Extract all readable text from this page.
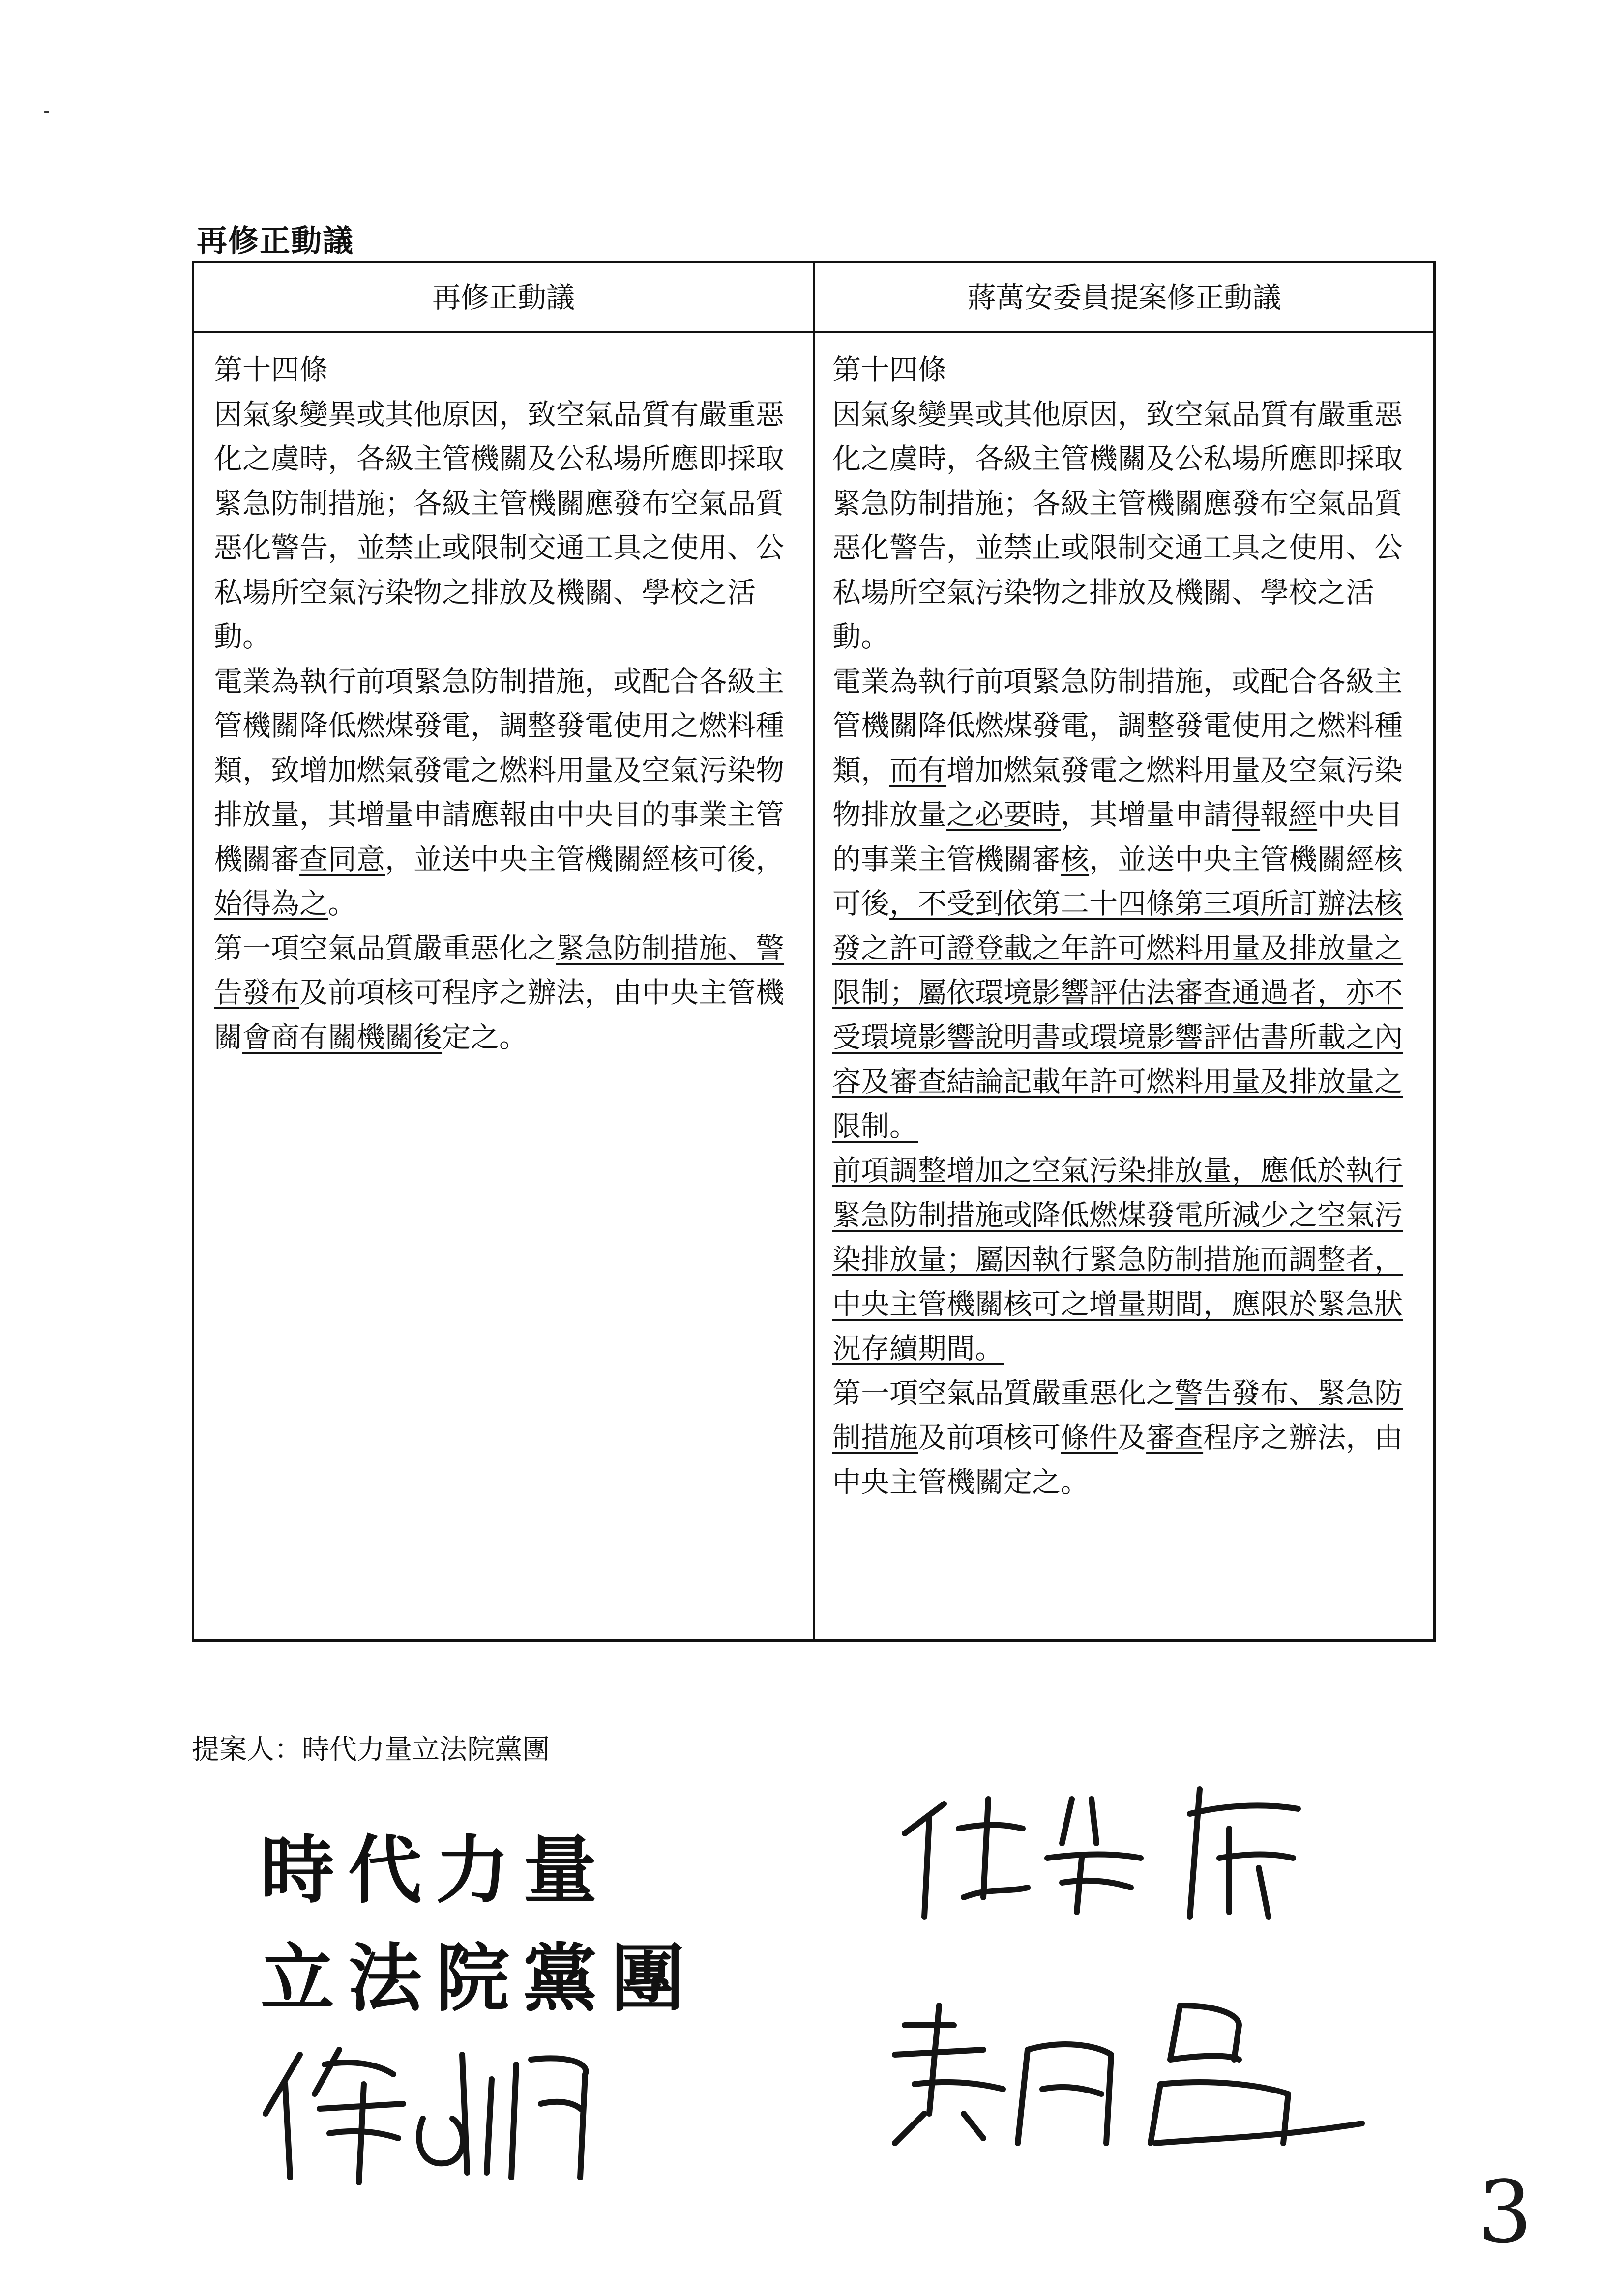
再修正動議
再修正動議	蔣萬安委員提案修正動議

第十四條

因氣象變異或其他原因，致空氣品質有嚴重惡化之虞時，各級主管機關及公私場所應即採取緊急防制措施；各級主管機關應發布空氣品質惡化警告，並禁止或限制交通工具之使用、公私場所空氣污染物之排放及機關、學校之活動。

電業為執行前項緊急防制措施，或配合各級主管機關降低燃煤發電，調整發電使用之燃料種類，致增加燃氣發電之燃料用量及空氣污染物排放量，其增量申請應報由中央目的事業主管機關審查同意，並送中央主管機關經核可後，始得為之。

第一項空氣品質嚴重惡化之緊急防制措施、警告發布及前項核可程序之辦法，由中央主管機關會商有關機關後定之。

第十四條

因氣象變異或其他原因，致空氣品質有嚴重惡化之虞時，各級主管機關及公私場所應即採取緊急防制措施；各級主管機關應發布空氣品質惡化警告，並禁止或限制交通工具之使用、公私場所空氣污染物之排放及機關、學校之活動。

電業為執行前項緊急防制措施，或配合各級主管機關降低燃煤發電，調整發電使用之燃料種類，而有增加燃氣發電之燃料用量及空氣污染物排放量之必要時，其增量申請得報經中央目的事業主管機關審核，並送中央主管機關經核可後，不受到依第二十四條第三項所訂辦法核發之許可證登載之年許可燃料用量及排放量之限制；屬依環境影響評估法審查通過者，亦不受環境影響說明書或環境影響評估書所載之內容及審查結論記載年許可燃料用量及排放量之限制。

前項調整增加之空氣污染排放量，應低於執行緊急防制措施或降低燃煤發電所減少之空氣污染排放量；屬因執行緊急防制措施而調整者，中央主管機關核可之增量期間，應限於緊急狀況存續期間。

第一項空氣品質嚴重惡化之警告發布、緊急防制措施及前項核可條件及審查程序之辦法，由中央主管機關定之。

提案人：時代力量立法院黨團
時代力量
立法院黨團
3
